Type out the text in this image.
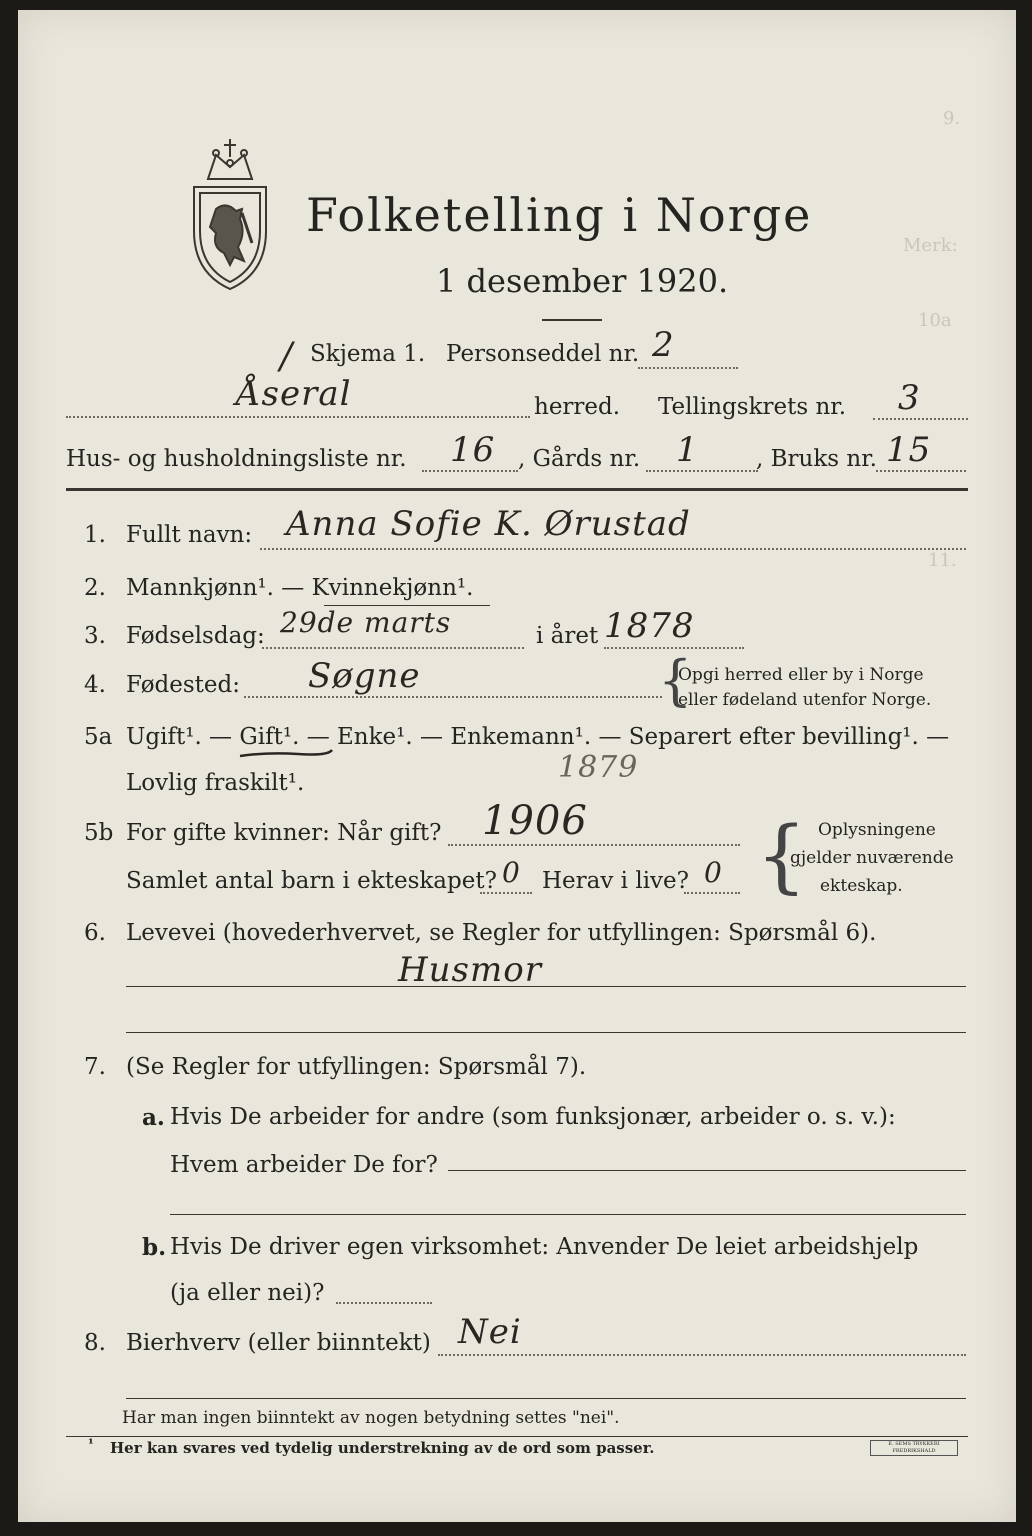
9.
Merk:
10a
11.
Folketelling i Norge
1 desember 1920.
/ Skjema 1. Personseddel nr. 2
Åseral	herred. Tellingskrets nr. 3
Hus- og husholdningsliste nr. 16 , Gårds nr. 1 , Bruks nr. 15
1. Fullt navn: Anna Sofie K. Ørustad
2. Mannkjønn¹. — Kvinnekjønn¹.
3. Fødselsdag: 29de marts	i året 1878
4. Fødested: Søgne	{
Opgi herred eller by i Norge
eller fødeland utenfor Norge.
5a Ugift¹. — Gift¹. — Enke¹. — Enkemann¹. — Separert efter bevilling¹. —
Lovlig fraskilt¹.	1879
5b For gifte kvinner: Når gift? 1906
Samlet antal barn i ekteskapet? 0 Herav i live? 0 { Oplysningene
gjelder nuværende
ekteskap.
6. Levevei (hovederhvervet, se Regler for utfyllingen: Spørsmål 6).
Husmor
7. (Se Regler for utfyllingen: Spørsmål 7).
a. Hvis De arbeider for andre (som funksjonær, arbeider o. s. v.):
Hvem arbeider De for?
b. Hvis De driver egen virksomhet: Anvender De leiet arbeidshjelp
(ja eller nei)?
8. Bierhverv (eller biinntekt) Nei
Har man ingen biinntekt av nogen betydning settes "nei".
¹ Her kan svares ved tydelig understrekning av de ord som passer.	E. SEMS TRYKKERI FREDRIKSHALD
